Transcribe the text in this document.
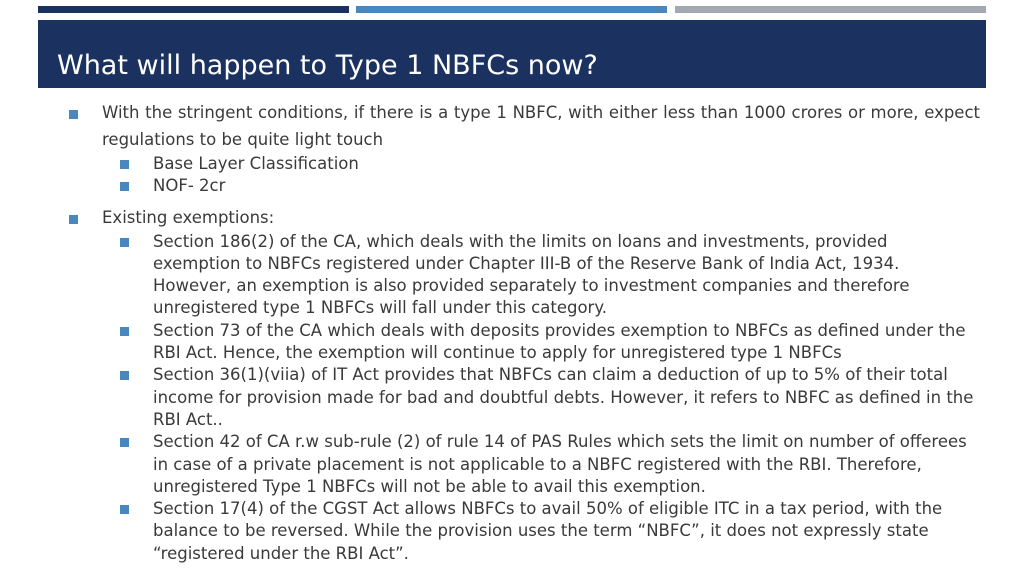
What will happen to Type 1 NBFCs now?
With the stringent conditions, if there is a type 1 NBFC, with either less than 1000 crores or more, expect regulations to be quite light touch
Base Layer Classification
NOF- 2cr
Existing exemptions:
Section 186(2) of the CA, which deals with the limits on loans and investments, provided exemption to NBFCs registered under Chapter III-B of the Reserve Bank of India Act, 1934. However, an exemption is also provided separately to investment companies and therefore unregistered type 1 NBFCs will fall under this category.
Section 73 of the CA which deals with deposits provides exemption to NBFCs as defined under the RBI Act. Hence, the exemption will continue to apply for unregistered type 1 NBFCs
Section 36(1)(viia) of IT Act provides that NBFCs can claim a deduction of up to 5% of their total income for provision made for bad and doubtful debts. However, it refers to NBFC as defined in the RBI Act..
Section 42 of CA r.w sub-rule (2) of rule 14 of PAS Rules which sets the limit on number of offerees in case of a private placement is not applicable to a NBFC registered with the RBI. Therefore, unregistered Type 1 NBFCs will not be able to avail this exemption.
Section 17(4) of the CGST Act allows NBFCs to avail 50% of eligible ITC in a tax period, with the balance to be reversed. While the provision uses the term “NBFC”, it does not expressly state “registered under the RBI Act”.
